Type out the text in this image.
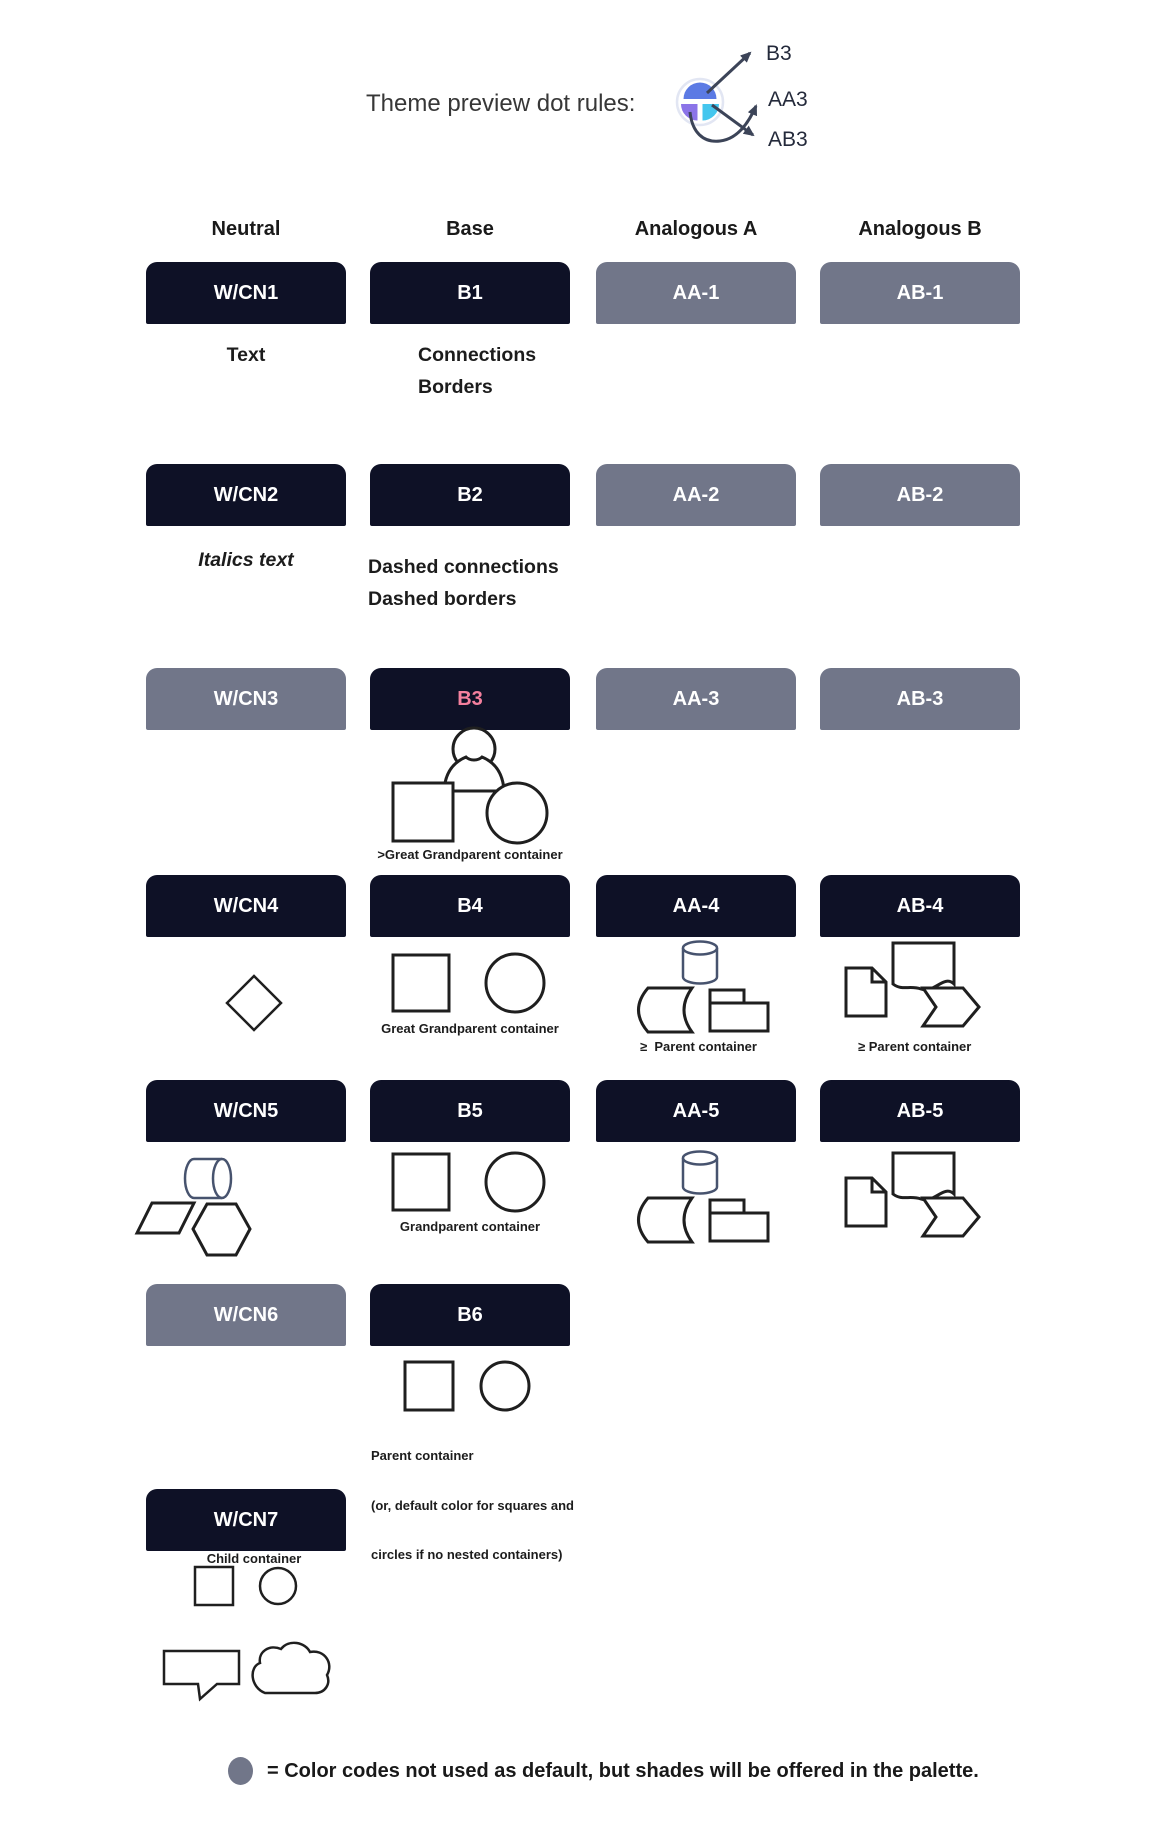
Theme preview dot rules:
B3
AA3
AB3
Neutral	Base	Analogous A	Analogous B
W/CN1	B1	AA-1	AB-1
Text	Connections
Borders
W/CN2	B2	AA-2	AB-2
Italics text	Dashed connections
Dashed borders
W/CN3	B3	AA-3	AB-3
>Great Grandparent container
W/CN4	B4	AA-4	AB-4
Great Grandparent container
≥  Parent container	≥ Parent container
W/CN5	B5	AA-5	AB-5
Grandparent container
W/CN6	B6

Parent container

(or, default color for squares and

circles if no nested containers)

W/CN7
Child container
= Color codes not used as default, but shades will be offered in the palette.
